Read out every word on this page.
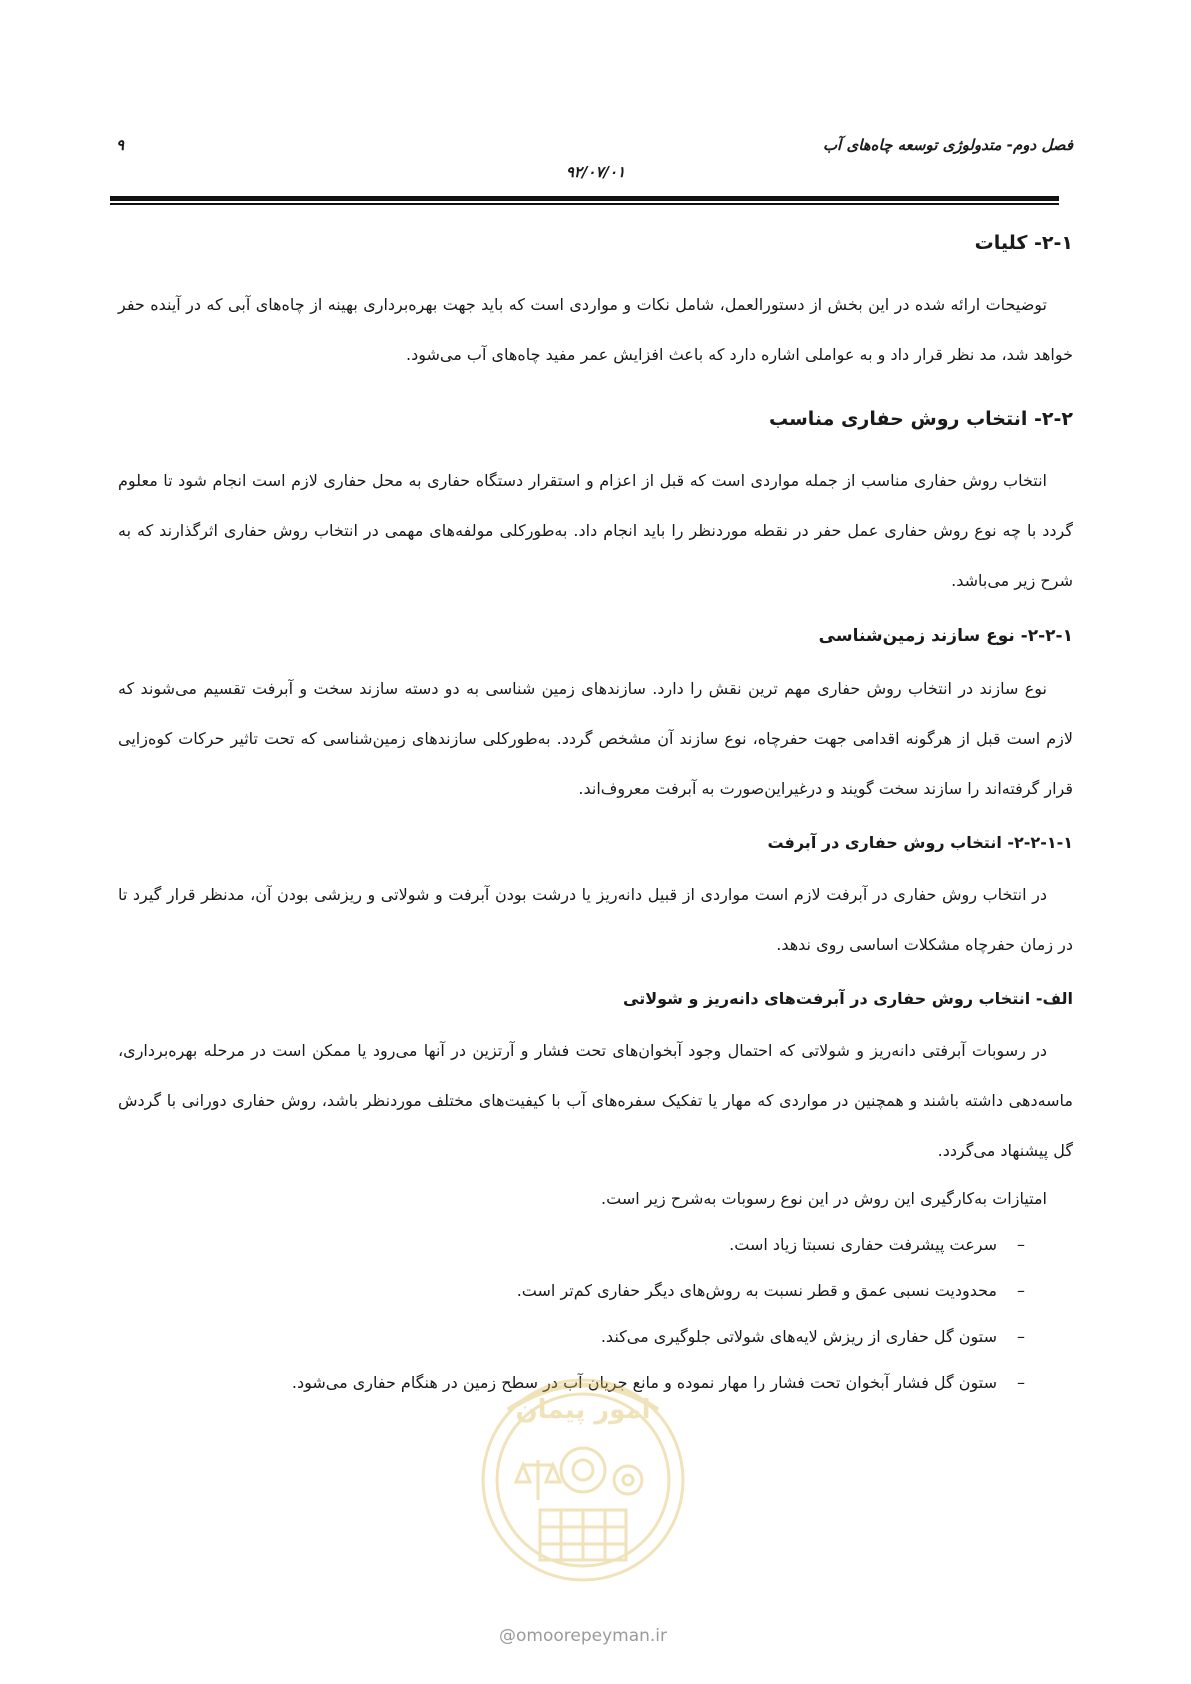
فصل دوم- متدولوژی توسعه چاه‌های آب
۹
۹۲/۰۷/۰۱
۲-۱- کلیات

توضیحات ارائه شده در این بخش از دستورالعمل، شامل نکات و مواردی است که باید جهت بهره‌برداری بهینه از چاه‌های آبی که در آینده حفر خواهد شد، مد نظر قرار داد و به عواملی اشاره دارد که باعث افزایش عمر مفید چاه‌های آب می‌شود.

۲-۲- انتخاب روش حفاری مناسب

انتخاب روش حفاری مناسب از جمله مواردی است که قبل از اعزام و استقرار دستگاه حفاری به محل حفاری لازم است انجام شود تا معلوم گردد با چه نوع روش حفاری عمل حفر در نقطه موردنظر را باید انجام داد. به‌طورکلی مولفه‌های مهمی در انتخاب روش حفاری اثرگذارند که به شرح زیر می‌باشد.

۲-۲-۱- نوع سازند زمین‌شناسی

نوع سازند در انتخاب روش حفاری مهم ترین نقش را دارد. سازندهای زمین شناسی به دو دسته سازند سخت و آبرفت تقسیم می‌شوند که لازم است قبل از هرگونه اقدامی جهت حفرچاه، نوع سازند آن مشخص گردد. به‌طورکلی سازندهای زمین‌شناسی که تحت تاثیر حرکات کوه‌زایی قرار گرفته‌اند را سازند سخت گویند و درغیراین‌صورت به آبرفت معروف‌اند.

۲-۲-۱-۱- انتخاب روش حفاری در آبرفت

در انتخاب روش حفاری در آبرفت لازم است مواردی از قبیل دانه‌ریز یا درشت بودن آبرفت و شولاتی و ریزشی بودن آن، مدنظر قرار گیرد تا در زمان حفرچاه مشکلات اساسی روی ندهد.

الف- انتخاب روش حفاری در آبرفت‌های دانه‌ریز و شولاتی

در رسوبات آبرفتی دانه‌ریز و شولاتی که احتمال وجود آبخوان‌های تحت فشار و آرتزین در آنها می‌رود یا ممکن است در مرحله بهره‌برداری، ماسه‌دهی داشته باشند و همچنین در مواردی که مهار یا تفکیک سفره‌های آب با کیفیت‌های مختلف موردنظر باشد، روش حفاری دورانی با گردش گل پیشنهاد می‌گردد.

امتیازات به‌کارگیری این روش در این نوع رسوبات به‌شرح زیر است.

–
سرعت پیشرفت حفاری نسبتا زیاد است.
–
محدودیت نسبی عمق و قطر نسبت به روش‌های دیگر حفاری کم‌تر است.
–
ستون گل حفاری از ریزش لایه‌های شولاتی جلوگیری می‌کند.
–
ستون گل فشار آبخوان تحت فشار را مهار نموده و مانع جریان آب در سطح زمین در هنگام حفاری می‌شود.
امور پیمان
@omoorepeyman.ir
